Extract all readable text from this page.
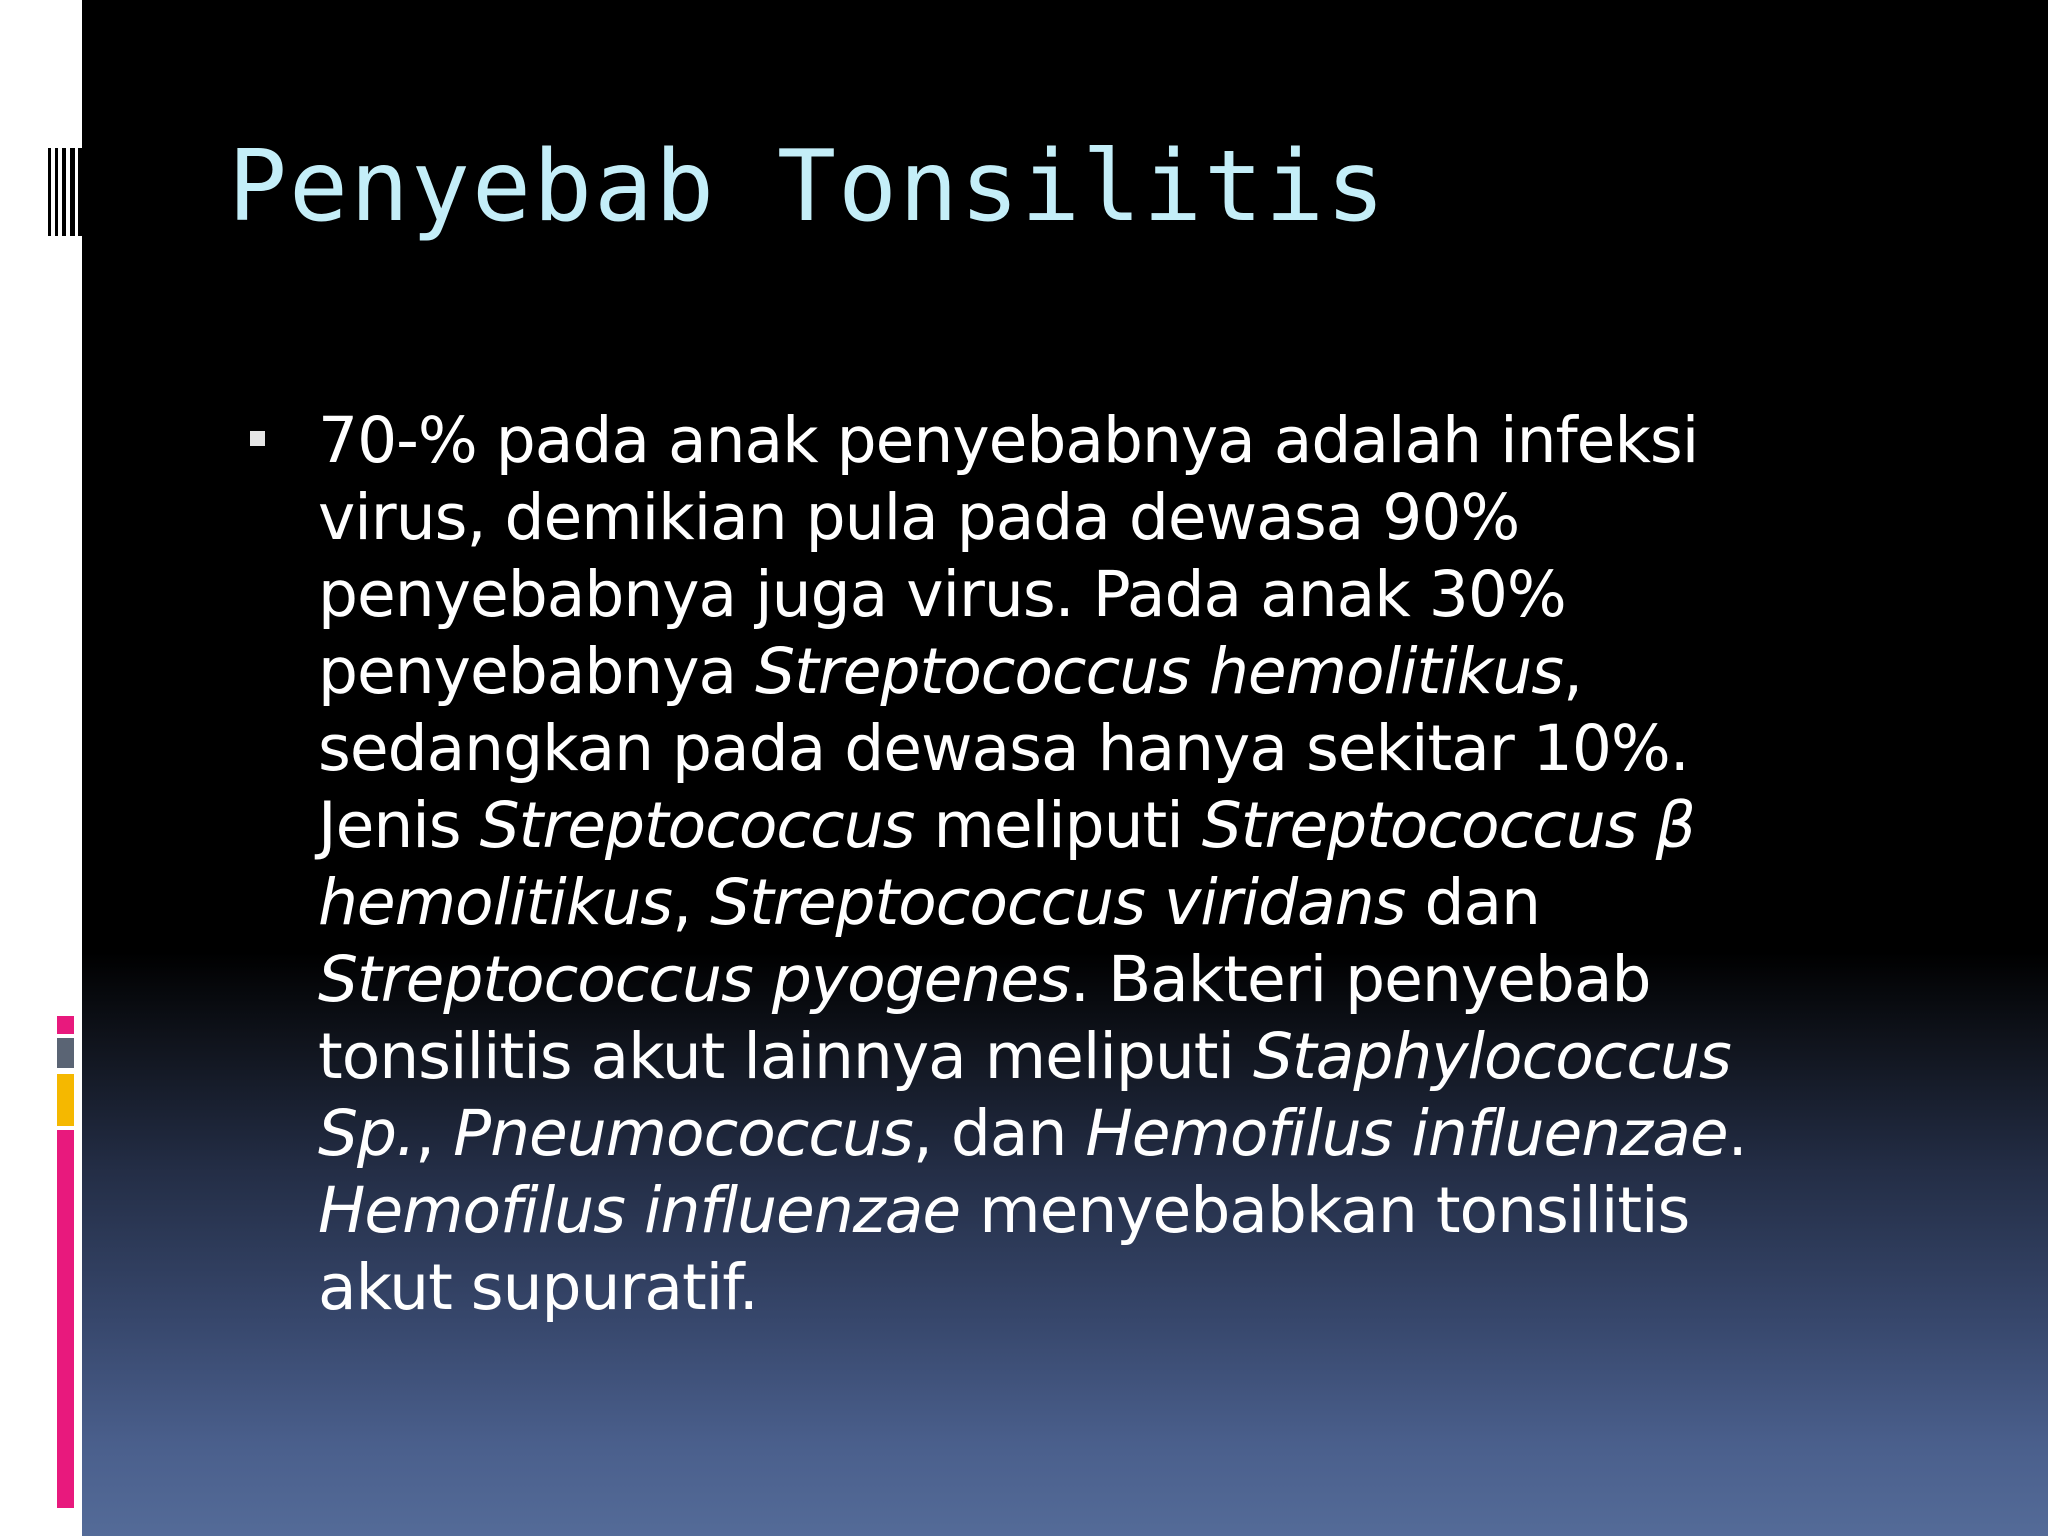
Penyebab Tonsilitis
70-% pada anak penyebabnya adalah infeksi virus, demikian pula pada dewasa 90% penyebabnya juga virus. Pada anak 30% penyebabnya Streptococcus hemolitikus, sedangkan pada dewasa hanya sekitar 10%. Jenis Streptococcus meliputi Streptococcus β hemolitikus, Streptococcus viridans dan Streptococcus pyogenes. Bakteri penyebab tonsilitis akut lainnya meliputi Staphylococcus Sp., Pneumococcus, dan Hemofilus influenzae. Hemofilus influenzae menyebabkan tonsilitis akut supuratif.
